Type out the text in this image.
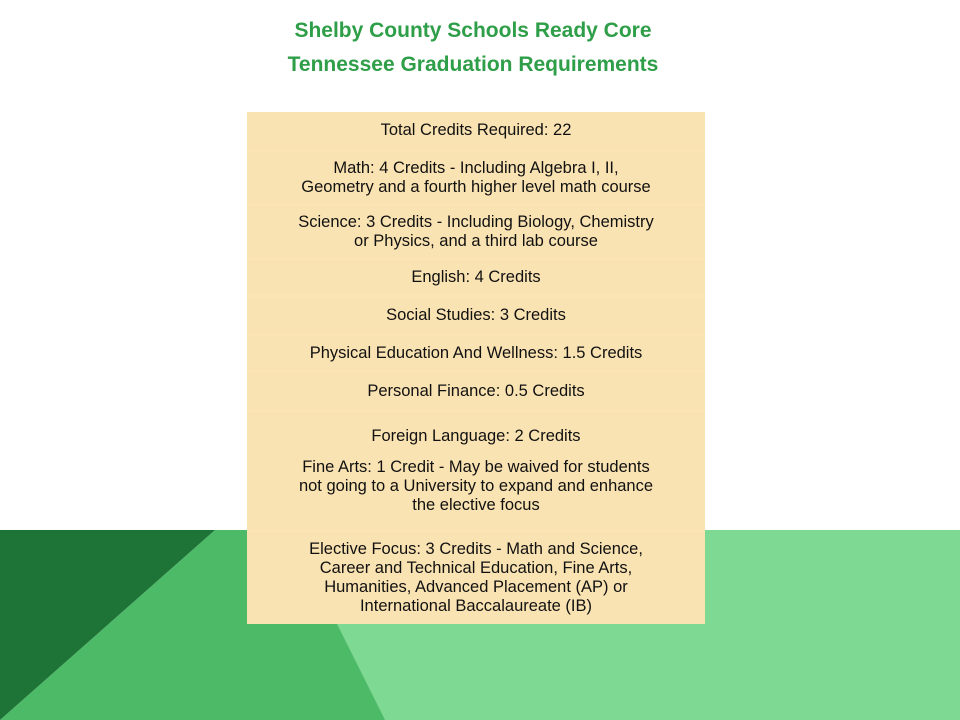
Shelby County Schools Ready Core
Tennessee Graduation Requirements
Total Credits Required: 22
Math: 4 Credits - Including Algebra I, II,
Geometry and a fourth higher level math course
Science: 3 Credits - Including Biology, Chemistry
or Physics, and a third lab course
English: 4 Credits
Social Studies: 3 Credits
Physical Education And Wellness: 1.5 Credits
Personal Finance: 0.5 Credits
Foreign Language: 2 Credits
Fine Arts: 1 Credit - May be waived for students
not going to a University to expand and enhance
the elective focus
Elective Focus: 3 Credits - Math and Science,
Career and Technical Education, Fine Arts,
Humanities, Advanced Placement (AP) or
International Baccalaureate (IB)
